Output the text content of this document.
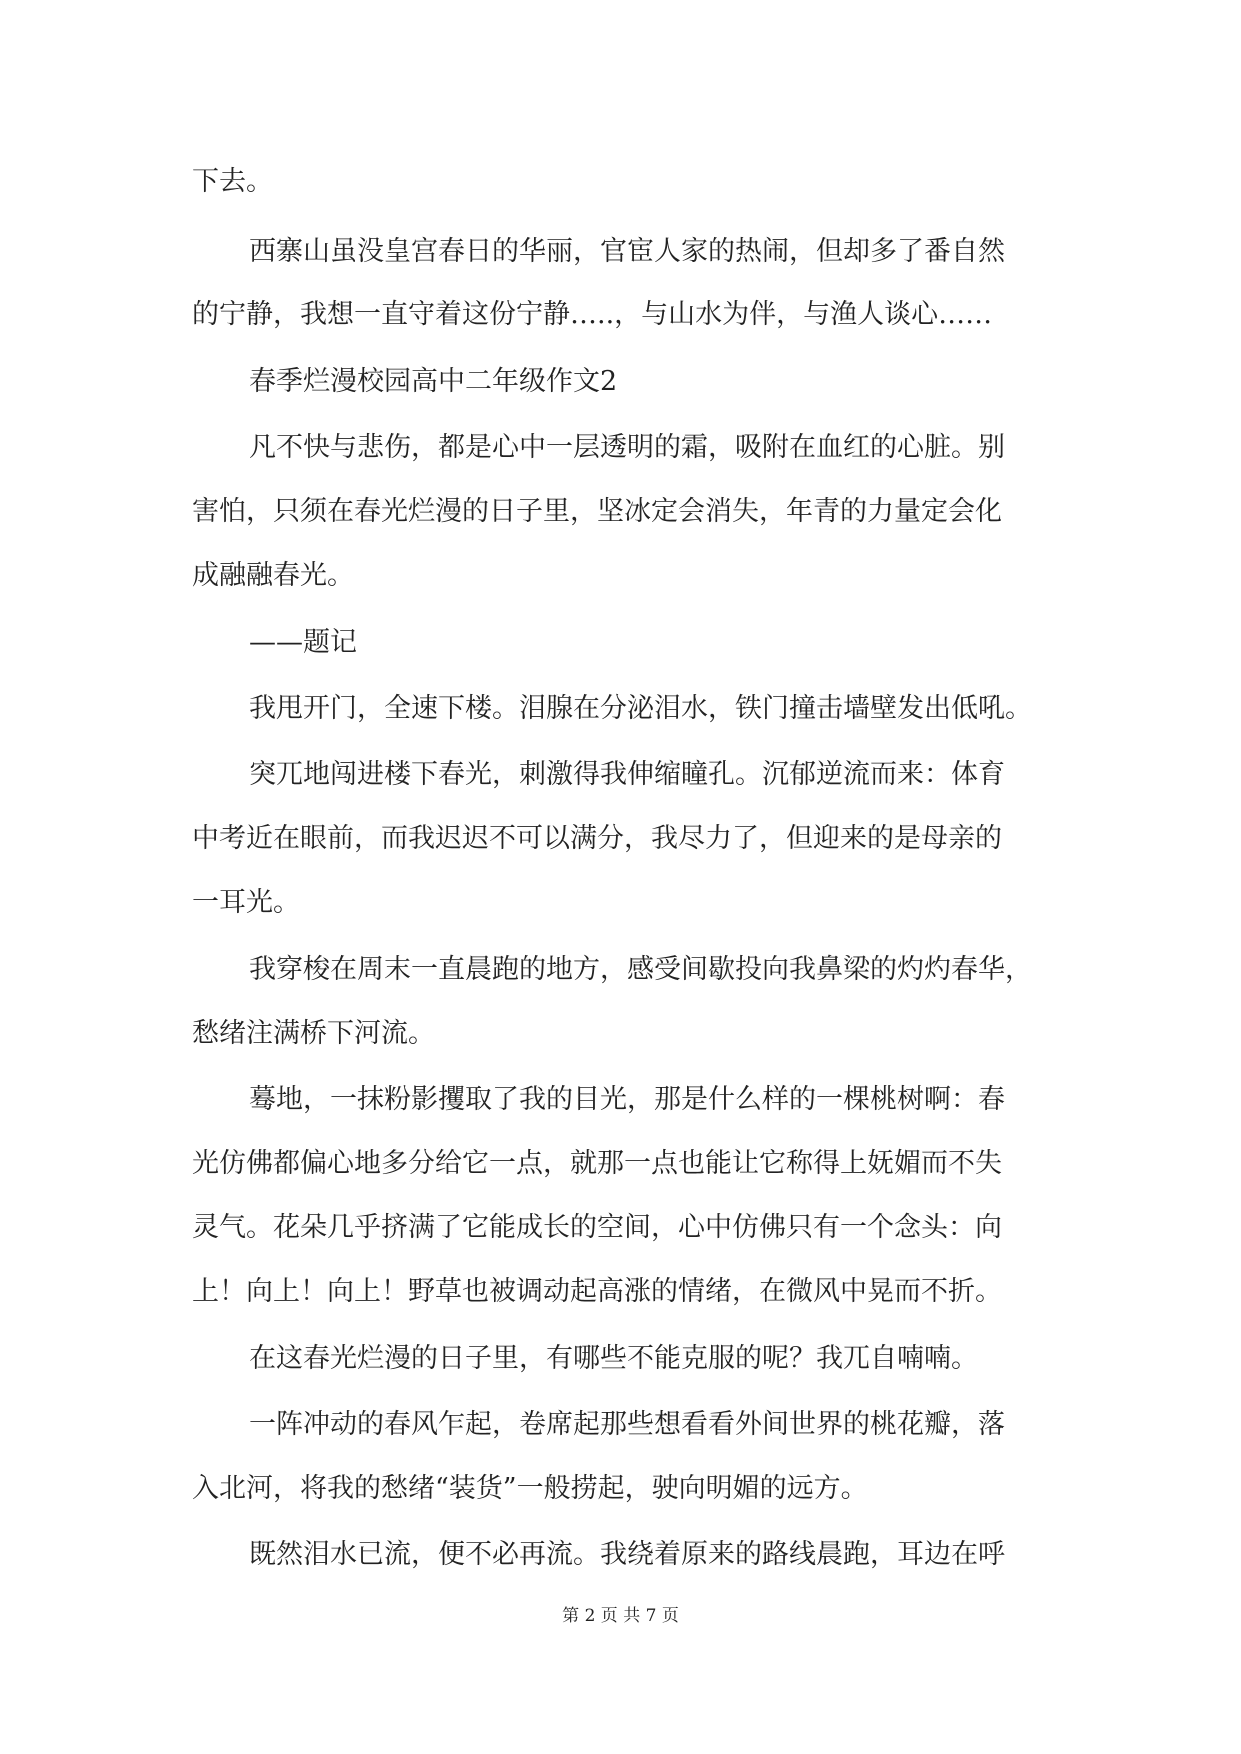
下去。
西寨山虽没皇宫春日的华丽，官宦人家的热闹，但却多了番自然
的宁静，我想一直守着这份宁静…..，与山水为伴，与渔人谈心……
春季烂漫校园高中二年级作文2
凡不快与悲伤，都是心中一层透明的霜，吸附在血红的心脏。别
害怕，只须在春光烂漫的日子里，坚冰定会消失，年青的力量定会化
成融融春光。
——题记
我甩开门，全速下楼。泪腺在分泌泪水，铁门撞击墙壁发出低吼。
突兀地闯进楼下春光，刺激得我伸缩瞳孔。沉郁逆流而来：体育
中考近在眼前，而我迟迟不可以满分，我尽力了，但迎来的是母亲的
一耳光。
我穿梭在周末一直晨跑的地方，感受间歇投向我鼻梁的灼灼春华，
愁绪注满桥下河流。
蓦地，一抹粉影攫取了我的目光，那是什么样的一棵桃树啊：春
光仿佛都偏心地多分给它一点，就那一点也能让它称得上妩媚而不失
灵气。花朵几乎挤满了它能成长的空间，心中仿佛只有一个念头：向
上！向上！向上！野草也被调动起高涨的情绪，在微风中晃而不折。
在这春光烂漫的日子里，有哪些不能克服的呢？我兀自喃喃。
一阵冲动的春风乍起，卷席起那些想看看外间世界的桃花瓣，落
入北河，将我的愁绪“装货”一般捞起，驶向明媚的远方。
既然泪水已流，便不必再流。我绕着原来的路线晨跑，耳边在呼
第 2 页 共 7 页
